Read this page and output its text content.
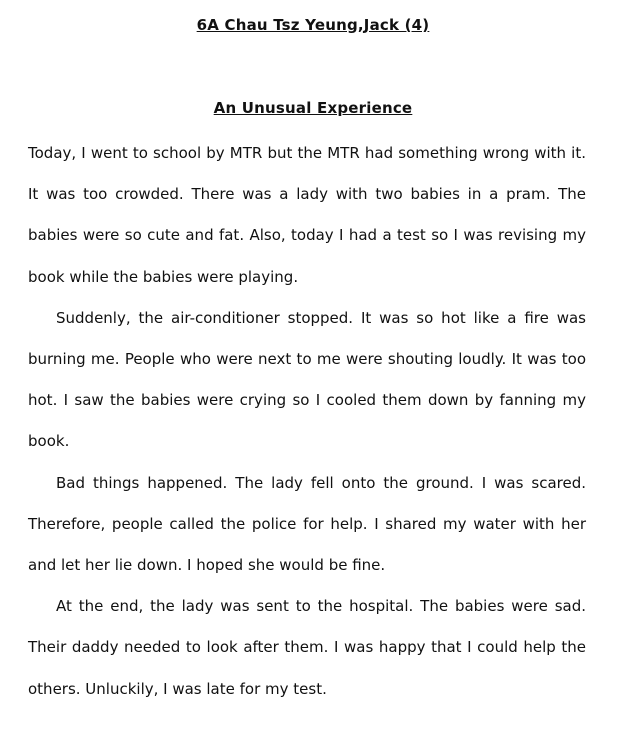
6A Chau Tsz Yeung,Jack (4)
An Unusual Experience

Today, I went to school by MTR but the MTR had something wrong with it. It was too crowded. There was a lady with two babies in a pram. The babies were so cute and fat. Also, today I had a test so I was revising my book while the babies were playing.

Suddenly, the air-conditioner stopped. It was so hot like a fire was burning me. People who were next to me were shouting loudly. It was too hot. I saw the babies were crying so I cooled them down by fanning my book.

Bad things happened. The lady fell onto the ground. I was scared. Therefore, people called the police for help. I shared my water with her and let her lie down. I hoped she would be fine.

At the end, the lady was sent to the hospital. The babies were sad. Their daddy needed to look after them. I was happy that I could help the others. Unluckily, I was late for my test.
